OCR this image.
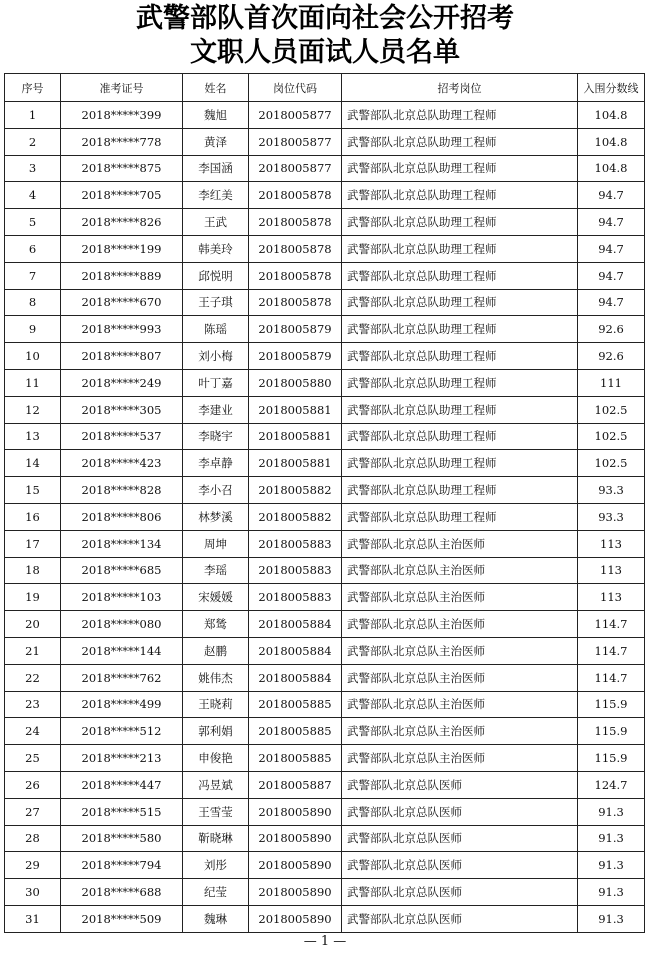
武警部队首次面向社会公开招考
文职人员面试人员名单
序号	准考证号	姓名	岗位代码	招考岗位	入围分数线
1	2018*****399	魏旭	2018005877	武警部队北京总队助理工程师	104.8
2	2018*****778	黄泽	2018005877	武警部队北京总队助理工程师	104.8
3	2018*****875	李国涵	2018005877	武警部队北京总队助理工程师	104.8
4	2018*****705	李红美	2018005878	武警部队北京总队助理工程师	94.7
5	2018*****826	王武	2018005878	武警部队北京总队助理工程师	94.7
6	2018*****199	韩美玲	2018005878	武警部队北京总队助理工程师	94.7
7	2018*****889	邱悦明	2018005878	武警部队北京总队助理工程师	94.7
8	2018*****670	王子琪	2018005878	武警部队北京总队助理工程师	94.7
9	2018*****993	陈瑶	2018005879	武警部队北京总队助理工程师	92.6
10	2018*****807	刘小梅	2018005879	武警部队北京总队助理工程师	92.6
11	2018*****249	叶丁嘉	2018005880	武警部队北京总队助理工程师	111
12	2018*****305	李建业	2018005881	武警部队北京总队助理工程师	102.5
13	2018*****537	李晓宇	2018005881	武警部队北京总队助理工程师	102.5
14	2018*****423	李卓静	2018005881	武警部队北京总队助理工程师	102.5
15	2018*****828	李小召	2018005882	武警部队北京总队助理工程师	93.3
16	2018*****806	林梦溪	2018005882	武警部队北京总队助理工程师	93.3
17	2018*****134	周坤	2018005883	武警部队北京总队主治医师	113
18	2018*****685	李瑶	2018005883	武警部队北京总队主治医师	113
19	2018*****103	宋媛媛	2018005883	武警部队北京总队主治医师	113
20	2018*****080	郑鸶	2018005884	武警部队北京总队主治医师	114.7
21	2018*****144	赵鹏	2018005884	武警部队北京总队主治医师	114.7
22	2018*****762	姚伟杰	2018005884	武警部队北京总队主治医师	114.7
23	2018*****499	王晓莉	2018005885	武警部队北京总队主治医师	115.9
24	2018*****512	郭利娟	2018005885	武警部队北京总队主治医师	115.9
25	2018*****213	申俊艳	2018005885	武警部队北京总队主治医师	115.9
26	2018*****447	冯昱斌	2018005887	武警部队北京总队医师	124.7
27	2018*****515	王雪莹	2018005890	武警部队北京总队医师	91.3
28	2018*****580	靳晓琳	2018005890	武警部队北京总队医师	91.3
29	2018*****794	刘彤	2018005890	武警部队北京总队医师	91.3
30	2018*****688	纪莹	2018005890	武警部队北京总队医师	91.3
31	2018*****509	魏琳	2018005890	武警部队北京总队医师	91.3
— 1 —
